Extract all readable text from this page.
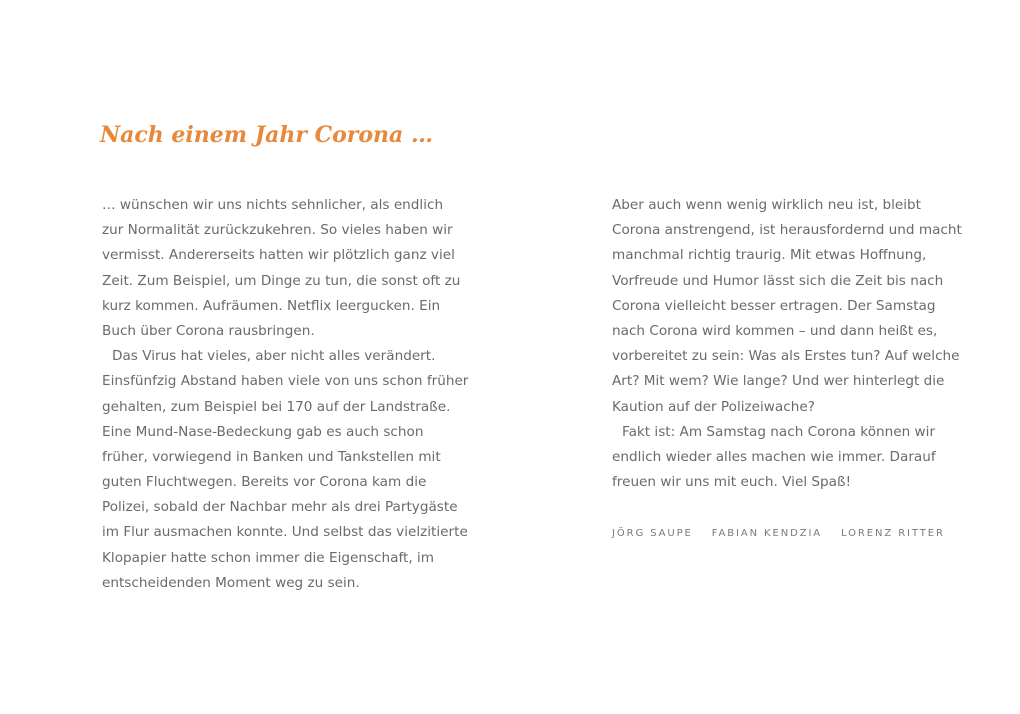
Nach einem Jahr Corona …
… wünschen wir uns nichts sehnlicher, als endlich
zur Normalität zurückzukehren. So vieles haben wir
vermisst. Andererseits hatten wir plötzlich ganz viel
Zeit. Zum Beispiel, um Dinge zu tun, die sonst oft zu
kurz kommen. Aufräumen. Netflix leergucken. Ein
Buch über Corona rausbringen.
Das Virus hat vieles, aber nicht alles verändert.
Einsfünfzig Abstand haben viele von uns schon früher
gehalten, zum Beispiel bei 170 auf der Landstraße.
Eine Mund-Nase-Bedeckung gab es auch schon
früher, vorwiegend in Banken und Tankstellen mit
guten Fluchtwegen. Bereits vor Corona kam die
Polizei, sobald der Nachbar mehr als drei Partygäste
im Flur ausmachen konnte. Und selbst das vielzitierte
Klopapier hatte schon immer die Eigenschaft, im
entscheidenden Moment weg zu sein.
Aber auch wenn wenig wirklich neu ist, bleibt
Corona anstrengend, ist herausfordernd und macht
manchmal richtig traurig. Mit etwas Hoffnung,
Vorfreude und Humor lässt sich die Zeit bis nach
Corona vielleicht besser ertragen. Der Samstag
nach Corona wird kommen – und dann heißt es,
vorbereitet zu sein: Was als Erstes tun? Auf welche
Art? Mit wem? Wie lange? Und wer hinterlegt die
Kaution auf der Polizeiwache?
Fakt ist: Am Samstag nach Corona können wir
endlich wieder alles machen wie immer. Darauf
freuen wir uns mit euch. Viel Spaß!
JÖRG SAUPE FABIAN KENDZIA LORENZ RITTER
